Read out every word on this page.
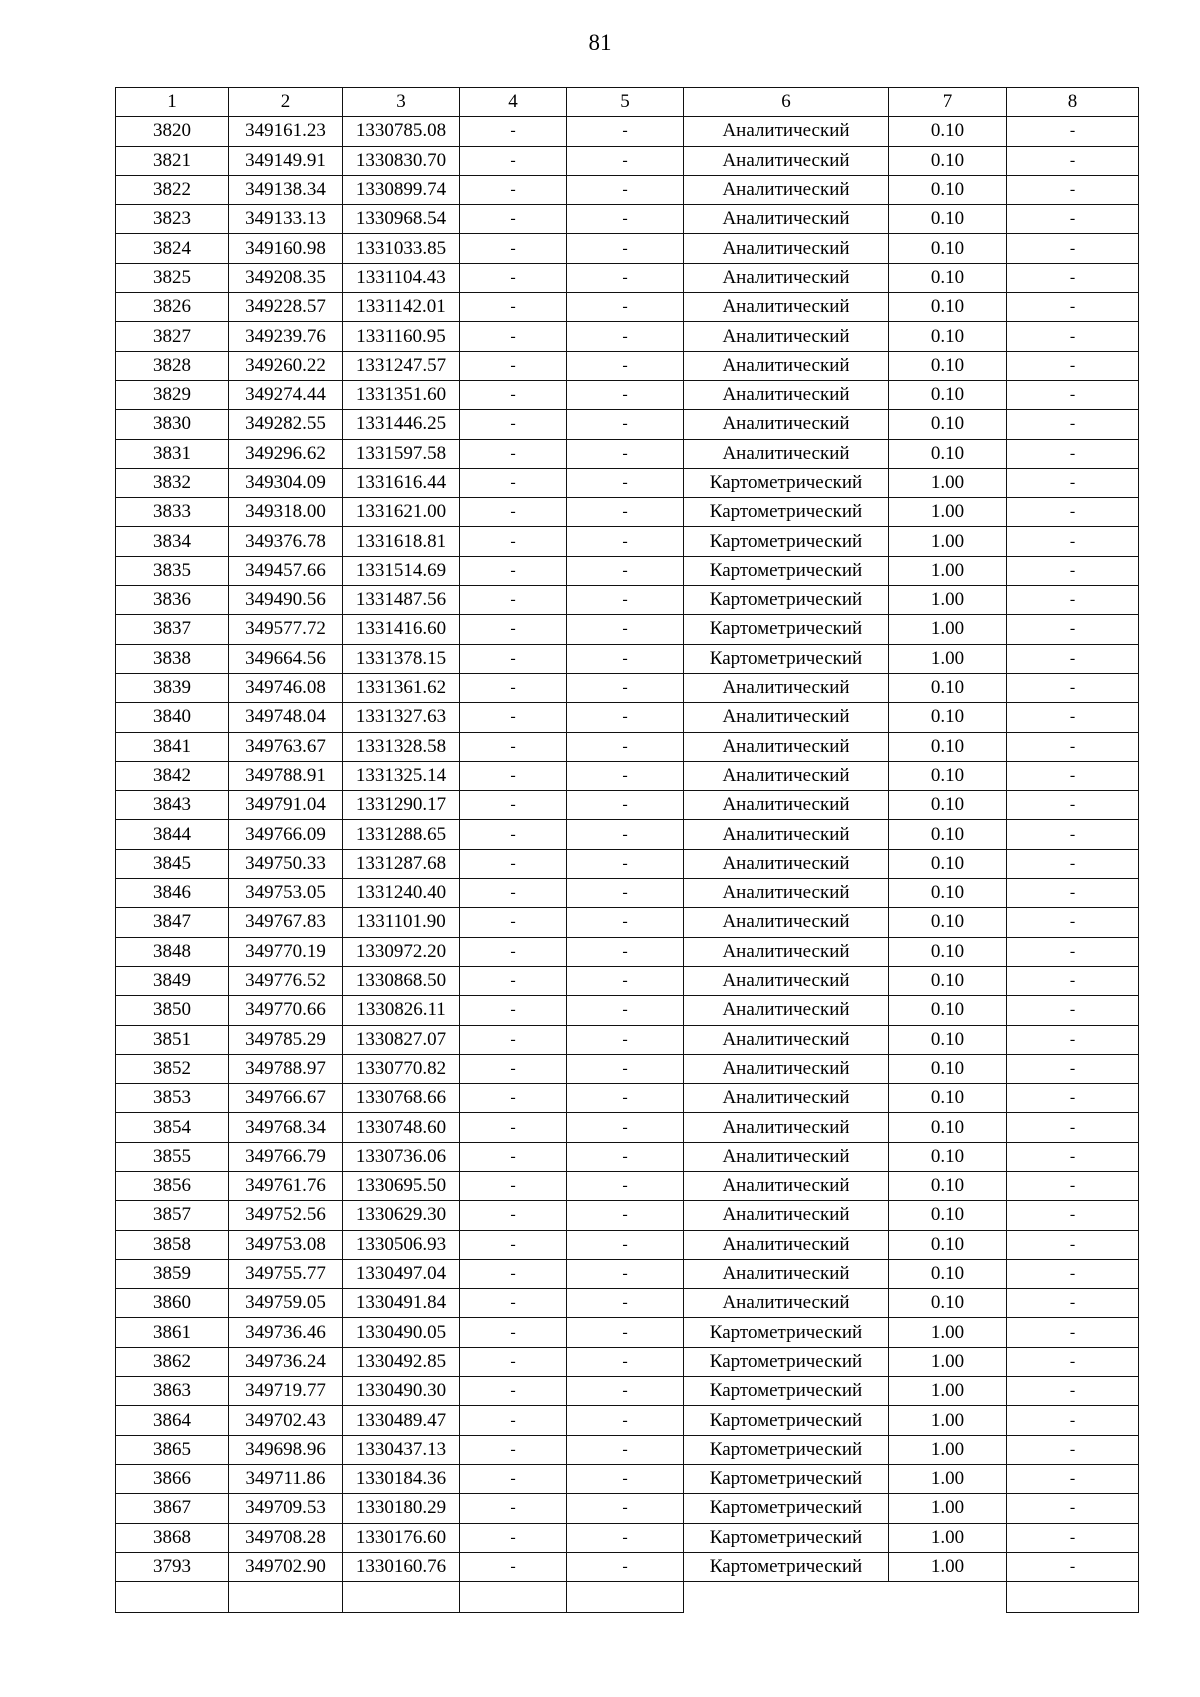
81
1	2	3	4	5	6	7	8
3820	349161.23	1330785.08	-	-	Аналитический	0.10	-
3821	349149.91	1330830.70	-	-	Аналитический	0.10	-
3822	349138.34	1330899.74	-	-	Аналитический	0.10	-
3823	349133.13	1330968.54	-	-	Аналитический	0.10	-
3824	349160.98	1331033.85	-	-	Аналитический	0.10	-
3825	349208.35	1331104.43	-	-	Аналитический	0.10	-
3826	349228.57	1331142.01	-	-	Аналитический	0.10	-
3827	349239.76	1331160.95	-	-	Аналитический	0.10	-
3828	349260.22	1331247.57	-	-	Аналитический	0.10	-
3829	349274.44	1331351.60	-	-	Аналитический	0.10	-
3830	349282.55	1331446.25	-	-	Аналитический	0.10	-
3831	349296.62	1331597.58	-	-	Аналитический	0.10	-
3832	349304.09	1331616.44	-	-	Картометрический	1.00	-
3833	349318.00	1331621.00	-	-	Картометрический	1.00	-
3834	349376.78	1331618.81	-	-	Картометрический	1.00	-
3835	349457.66	1331514.69	-	-	Картометрический	1.00	-
3836	349490.56	1331487.56	-	-	Картометрический	1.00	-
3837	349577.72	1331416.60	-	-	Картометрический	1.00	-
3838	349664.56	1331378.15	-	-	Картометрический	1.00	-
3839	349746.08	1331361.62	-	-	Аналитический	0.10	-
3840	349748.04	1331327.63	-	-	Аналитический	0.10	-
3841	349763.67	1331328.58	-	-	Аналитический	0.10	-
3842	349788.91	1331325.14	-	-	Аналитический	0.10	-
3843	349791.04	1331290.17	-	-	Аналитический	0.10	-
3844	349766.09	1331288.65	-	-	Аналитический	0.10	-
3845	349750.33	1331287.68	-	-	Аналитический	0.10	-
3846	349753.05	1331240.40	-	-	Аналитический	0.10	-
3847	349767.83	1331101.90	-	-	Аналитический	0.10	-
3848	349770.19	1330972.20	-	-	Аналитический	0.10	-
3849	349776.52	1330868.50	-	-	Аналитический	0.10	-
3850	349770.66	1330826.11	-	-	Аналитический	0.10	-
3851	349785.29	1330827.07	-	-	Аналитический	0.10	-
3852	349788.97	1330770.82	-	-	Аналитический	0.10	-
3853	349766.67	1330768.66	-	-	Аналитический	0.10	-
3854	349768.34	1330748.60	-	-	Аналитический	0.10	-
3855	349766.79	1330736.06	-	-	Аналитический	0.10	-
3856	349761.76	1330695.50	-	-	Аналитический	0.10	-
3857	349752.56	1330629.30	-	-	Аналитический	0.10	-
3858	349753.08	1330506.93	-	-	Аналитический	0.10	-
3859	349755.77	1330497.04	-	-	Аналитический	0.10	-
3860	349759.05	1330491.84	-	-	Аналитический	0.10	-
3861	349736.46	1330490.05	-	-	Картометрический	1.00	-
3862	349736.24	1330492.85	-	-	Картометрический	1.00	-
3863	349719.77	1330490.30	-	-	Картометрический	1.00	-
3864	349702.43	1330489.47	-	-	Картометрический	1.00	-
3865	349698.96	1330437.13	-	-	Картометрический	1.00	-
3866	349711.86	1330184.36	-	-	Картометрический	1.00	-
3867	349709.53	1330180.29	-	-	Картометрический	1.00	-
3868	349708.28	1330176.60	-	-	Картометрический	1.00	-
3793	349702.90	1330160.76	-	-	Картометрический	1.00	-
